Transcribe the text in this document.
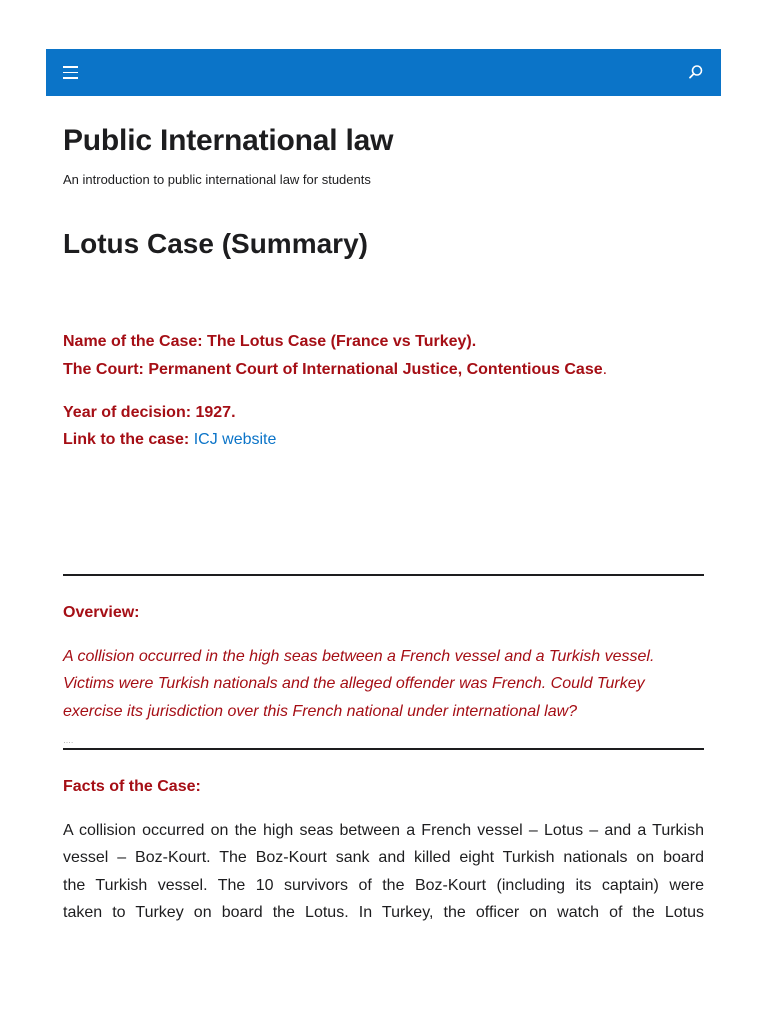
Public International law
An introduction to public international law for students
Lotus Case (Summary)
Name of the Case: The Lotus Case (France vs Turkey).
The Court: Permanent Court of International Justice, Contentious Case.
Year of decision: 1927.
Link to the case: ICJ website
Overview:
A collision occurred in the high seas between a French vessel and a Turkish vessel.
Victims were Turkish nationals and the alleged offender was French. Could Turkey
exercise its jurisdiction over this French national under international law?
….
Facts of the Case:
A collision occurred on the high seas between a French vessel – Lotus – and a Turkish
vessel – Boz-Kourt. The Boz-Kourt sank and killed eight Turkish nationals on board
the Turkish vessel. The 10 survivors of the Boz-Kourt (including its captain) were
taken to Turkey on board the Lotus. In Turkey, the officer on watch of the Lotus
